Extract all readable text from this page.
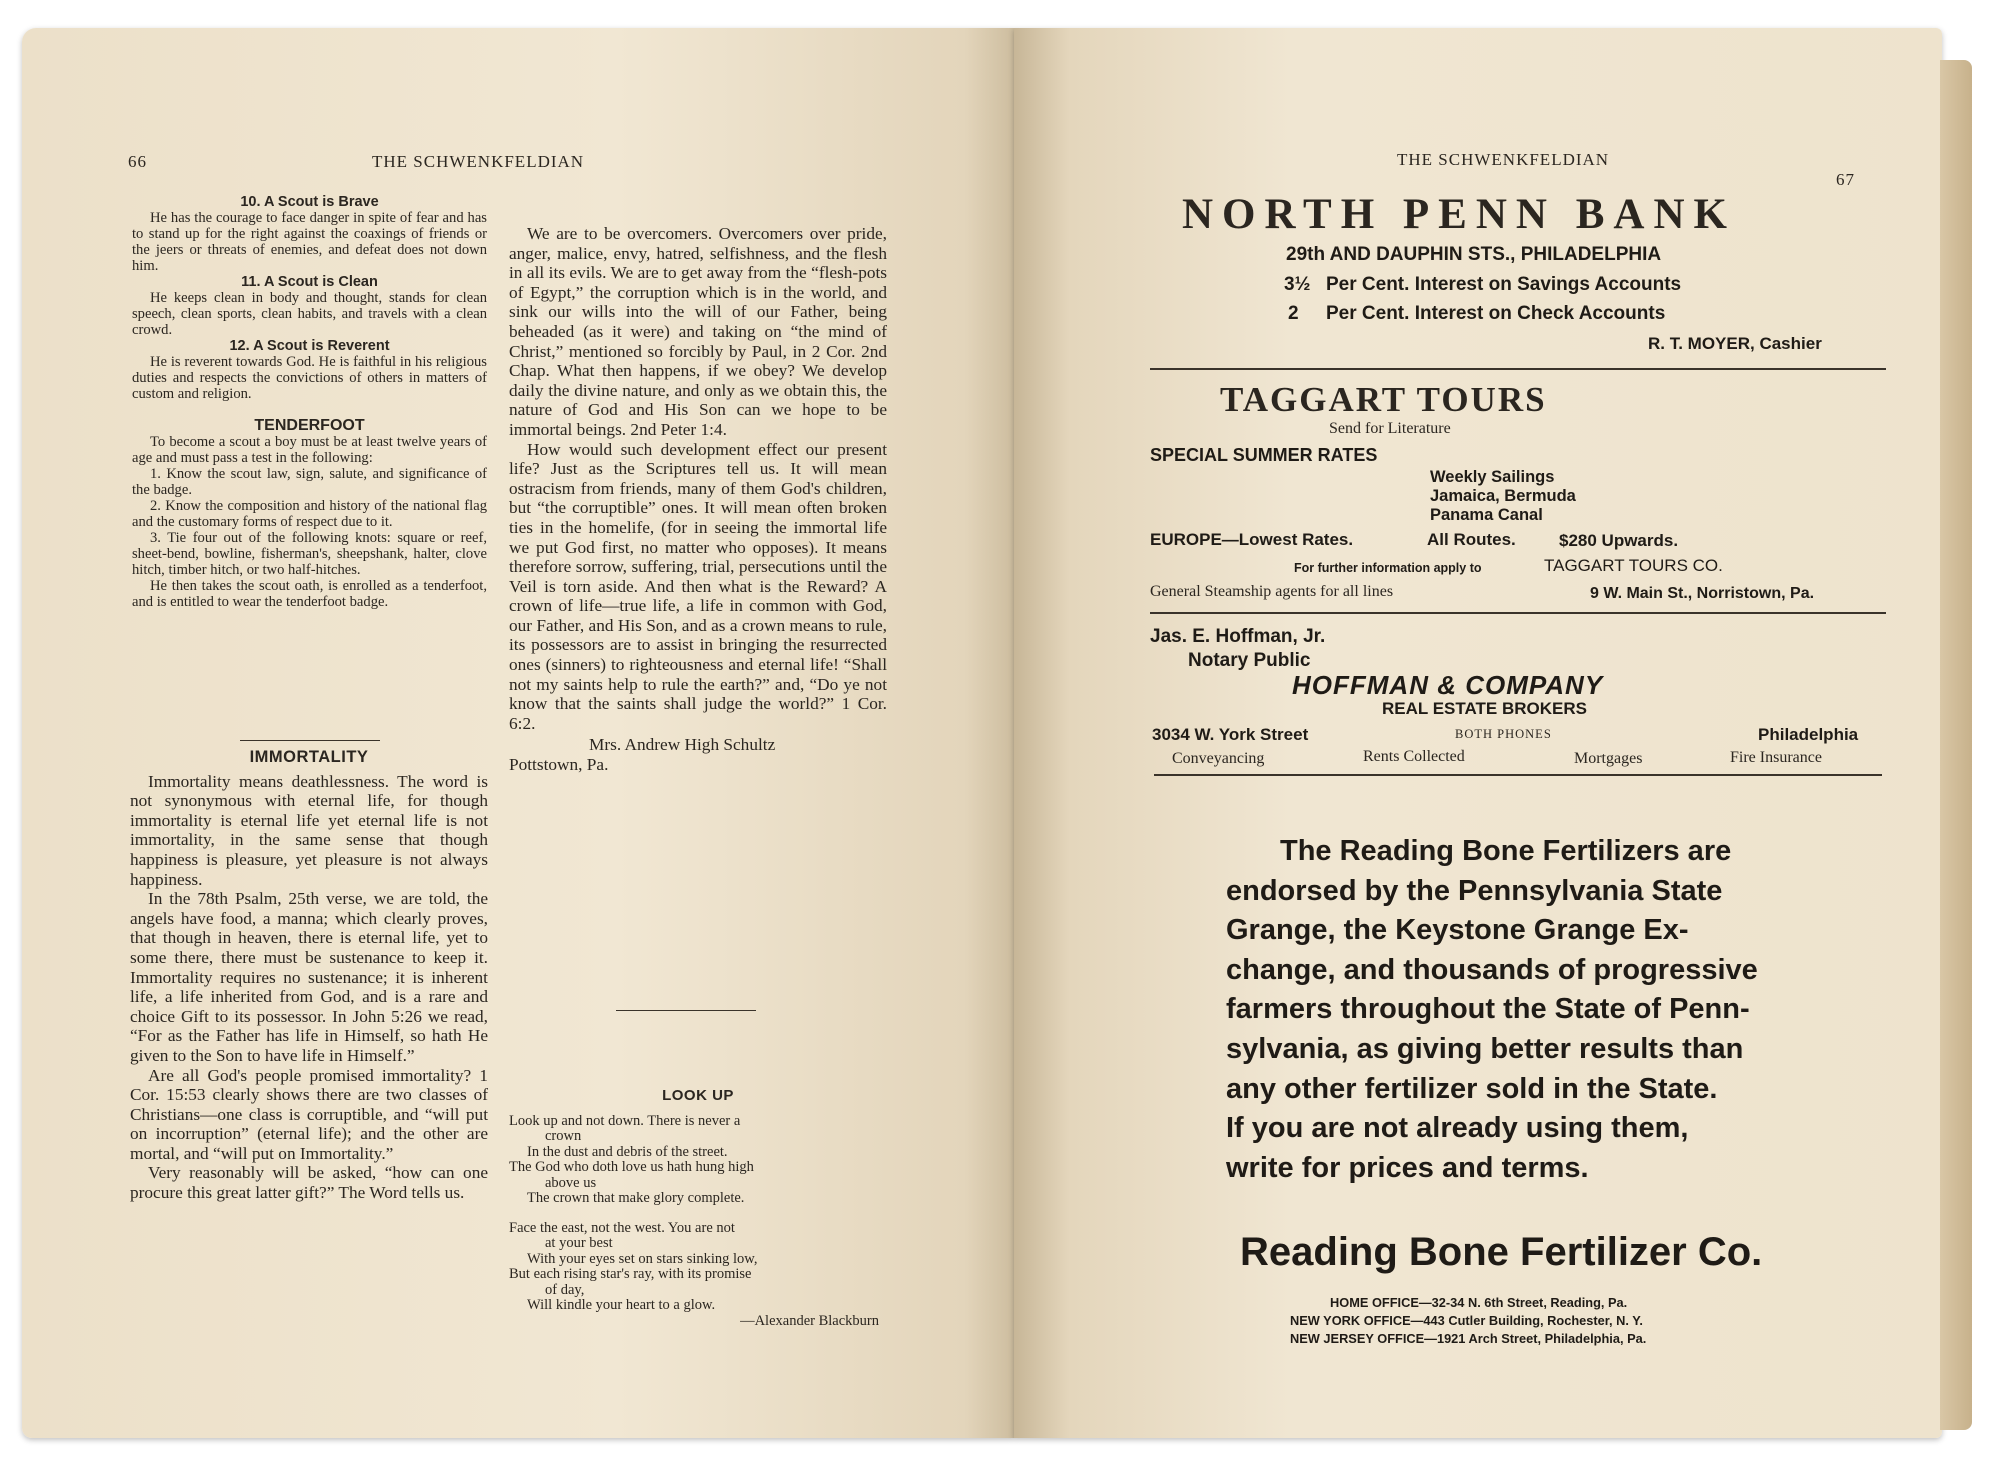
66	THE SCHWENKFELDIAN

10. A Scout is Brave

He has the courage to face danger in spite of fear and has to stand up for the right against the coaxings of friends or the jeers or threats of enemies, and defeat does not down him.

11. A Scout is Clean

He keeps clean in body and thought, stands for clean speech, clean sports, clean habits, and travels with a clean crowd.

12. A Scout is Reverent

He is reverent towards God. He is faithful in his religious duties and respects the convictions of others in matters of custom and religion.

TENDERFOOT

To become a scout a boy must be at least twelve years of age and must pass a test in the following:

1. Know the scout law, sign, salute, and significance of the badge.

2. Know the composition and history of the national flag and the customary forms of respect due to it.

3. Tie four out of the following knots: square or reef, sheet-bend, bowline, fisherman's, sheepshank, halter, clove hitch, timber hitch, or two half-hitches.

He then takes the scout oath, is enrolled as a tenderfoot, and is entitled to wear the tenderfoot badge.

IMMORTALITY

Immortality means deathlessness. The word is not synonymous with eternal life, for though immortality is eternal life yet eternal life is not immortality, in the same sense that though happiness is pleasure, yet pleasure is not always happiness.

In the 78th Psalm, 25th verse, we are told, the angels have food, a manna; which clearly proves, that though in heaven, there is eternal life, yet to some there, there must be sustenance to keep it. Immortality requires no sustenance; it is inherent life, a life inherited from God, and is a rare and choice Gift to its possessor. In John 5:26 we read, “For as the Father has life in Himself, so hath He given to the Son to have life in Himself.”

Are all God's people promised immortality? 1 Cor. 15:53 clearly shows there are two classes of Christians—one class is corruptible, and “will put on incorruption” (eternal life); and the other are mortal, and “will put on Immortality.”

Very reasonably will be asked, “how can one procure this great latter gift?” The Word tells us.

We are to be overcomers. Overcomers over pride, anger, malice, envy, hatred, selfishness, and the flesh in all its evils. We are to get away from the “flesh-pots of Egypt,” the corruption which is in the world, and sink our wills into the will of our Father, being beheaded (as it were) and taking on “the mind of Christ,” mentioned so forcibly by Paul, in 2 Cor. 2nd Chap. What then happens, if we obey? We develop daily the divine nature, and only as we obtain this, the nature of God and His Son can we hope to be immortal beings. 2nd Peter 1:4.

How would such development effect our present life? Just as the Scriptures tell us. It will mean ostracism from friends, many of them God's children, but “the corruptible” ones. It will mean often broken ties in the homelife, (for in seeing the immortal life we put God first, no matter who opposes). It means therefore sorrow, suffering, trial, persecutions until the Veil is torn aside. And then what is the Reward? A crown of life—true life, a life in common with God, our Father, and His Son, and as a crown means to rule, its possessors are to assist in bringing the resurrected ones (sinners) to righteousness and eternal life! “Shall not my saints help to rule the earth?” and, “Do ye not know that the saints shall judge the world?” 1 Cor. 6:2.

Mrs. Andrew High Schultz
Pottstown, Pa.
LOOK UP
Look up and not down. There is never a
crown
In the dust and debris of the street.
The God who doth love us hath hung high
above us
The crown that make glory complete.
Face the east, not the west. You are not
at your best
With your eyes set on stars sinking low,
But each rising star's ray, with its promise
of day,
Will kindle your heart to a glow.
—Alexander Blackburn
THE SCHWENKFELDIAN
67
NORTH PENN BANK
29th AND DAUPHIN STS., PHILADELPHIA
3½ Per Cent. Interest on Savings Accounts
2 Per Cent. Interest on Check Accounts
R. T. MOYER, Cashier
TAGGART TOURS
Send for Literature
SPECIAL SUMMER RATES
Weekly Sailings
Jamaica, Bermuda
Panama Canal
EUROPE—Lowest Rates.	All Routes.	$280 Upwards.
For further information apply to	TAGGART TOURS CO.
General Steamship agents for all lines	9 W. Main St., Norristown, Pa.
Jas. E. Hoffman, Jr.
Notary Public
HOFFMAN & COMPANY
REAL ESTATE BROKERS
3034 W. York Street	BOTH PHONES	Philadelphia
Conveyancing	Rents Collected	Mortgages	Fire Insurance
The Reading Bone Fertilizers are
endorsed by the Pennsylvania State
Grange, the Keystone Grange Ex-
change, and thousands of progressive
farmers throughout the State of Penn-
sylvania, as giving better results than
any other fertilizer sold in the State.
If you are not already using them,
write for prices and terms.
Reading Bone Fertilizer Co.
HOME OFFICE—32-34 N. 6th Street, Reading, Pa.
NEW YORK OFFICE—443 Cutler Building, Rochester, N. Y.
NEW JERSEY OFFICE—1921 Arch Street, Philadelphia, Pa.
